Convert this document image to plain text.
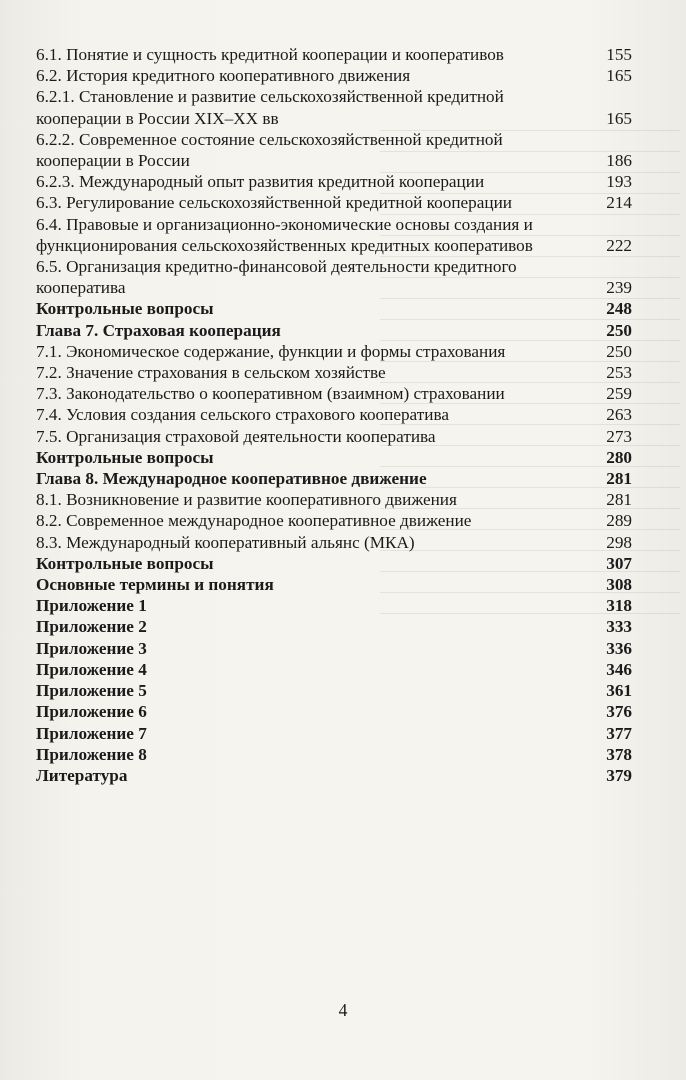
6.1. Понятие и сущность кредитной кооперации и кооперативов	155
6.2. История кредитного кооперативного движения	165
6.2.1. Становление и развитие сельскохозяйственной кредитной кооперации в России XIX–XX вв	165
6.2.2. Современное состояние сельскохозяйственной кредитной кооперации в России	186
6.2.3. Международный опыт развития кредитной кооперации	193
6.3. Регулирование сельскохозяйственной кредитной кооперации	214
6.4. Правовые и организационно-экономические основы создания и функционирования сельскохозяйственных кредитных кооперативов	222
6.5. Организация кредитно-финансовой деятельности кредитного кооператива	239
Контрольные вопросы	248
Глава 7. Страховая кооперация	250
7.1. Экономическое содержание, функции и формы страхования	250
7.2. Значение страхования в сельском хозяйстве	253
7.3. Законодательство о кооперативном (взаимном) страховании	259
7.4. Условия создания сельского страхового кооператива	263
7.5. Организация страховой деятельности кооператива	273
Контрольные вопросы	280
Глава 8. Международное кооперативное движение	281
8.1. Возникновение и развитие кооперативного движения	281
8.2. Современное международное кооперативное движение	289
8.3. Международный кооперативный альянс (МКА)	298
Контрольные вопросы	307
Основные термины и понятия	308
Приложение 1	318
Приложение 2	333
Приложение 3	336
Приложение 4	346
Приложение 5	361
Приложение 6	376
Приложение 7	377
Приложение 8	378
Литература	379
4
